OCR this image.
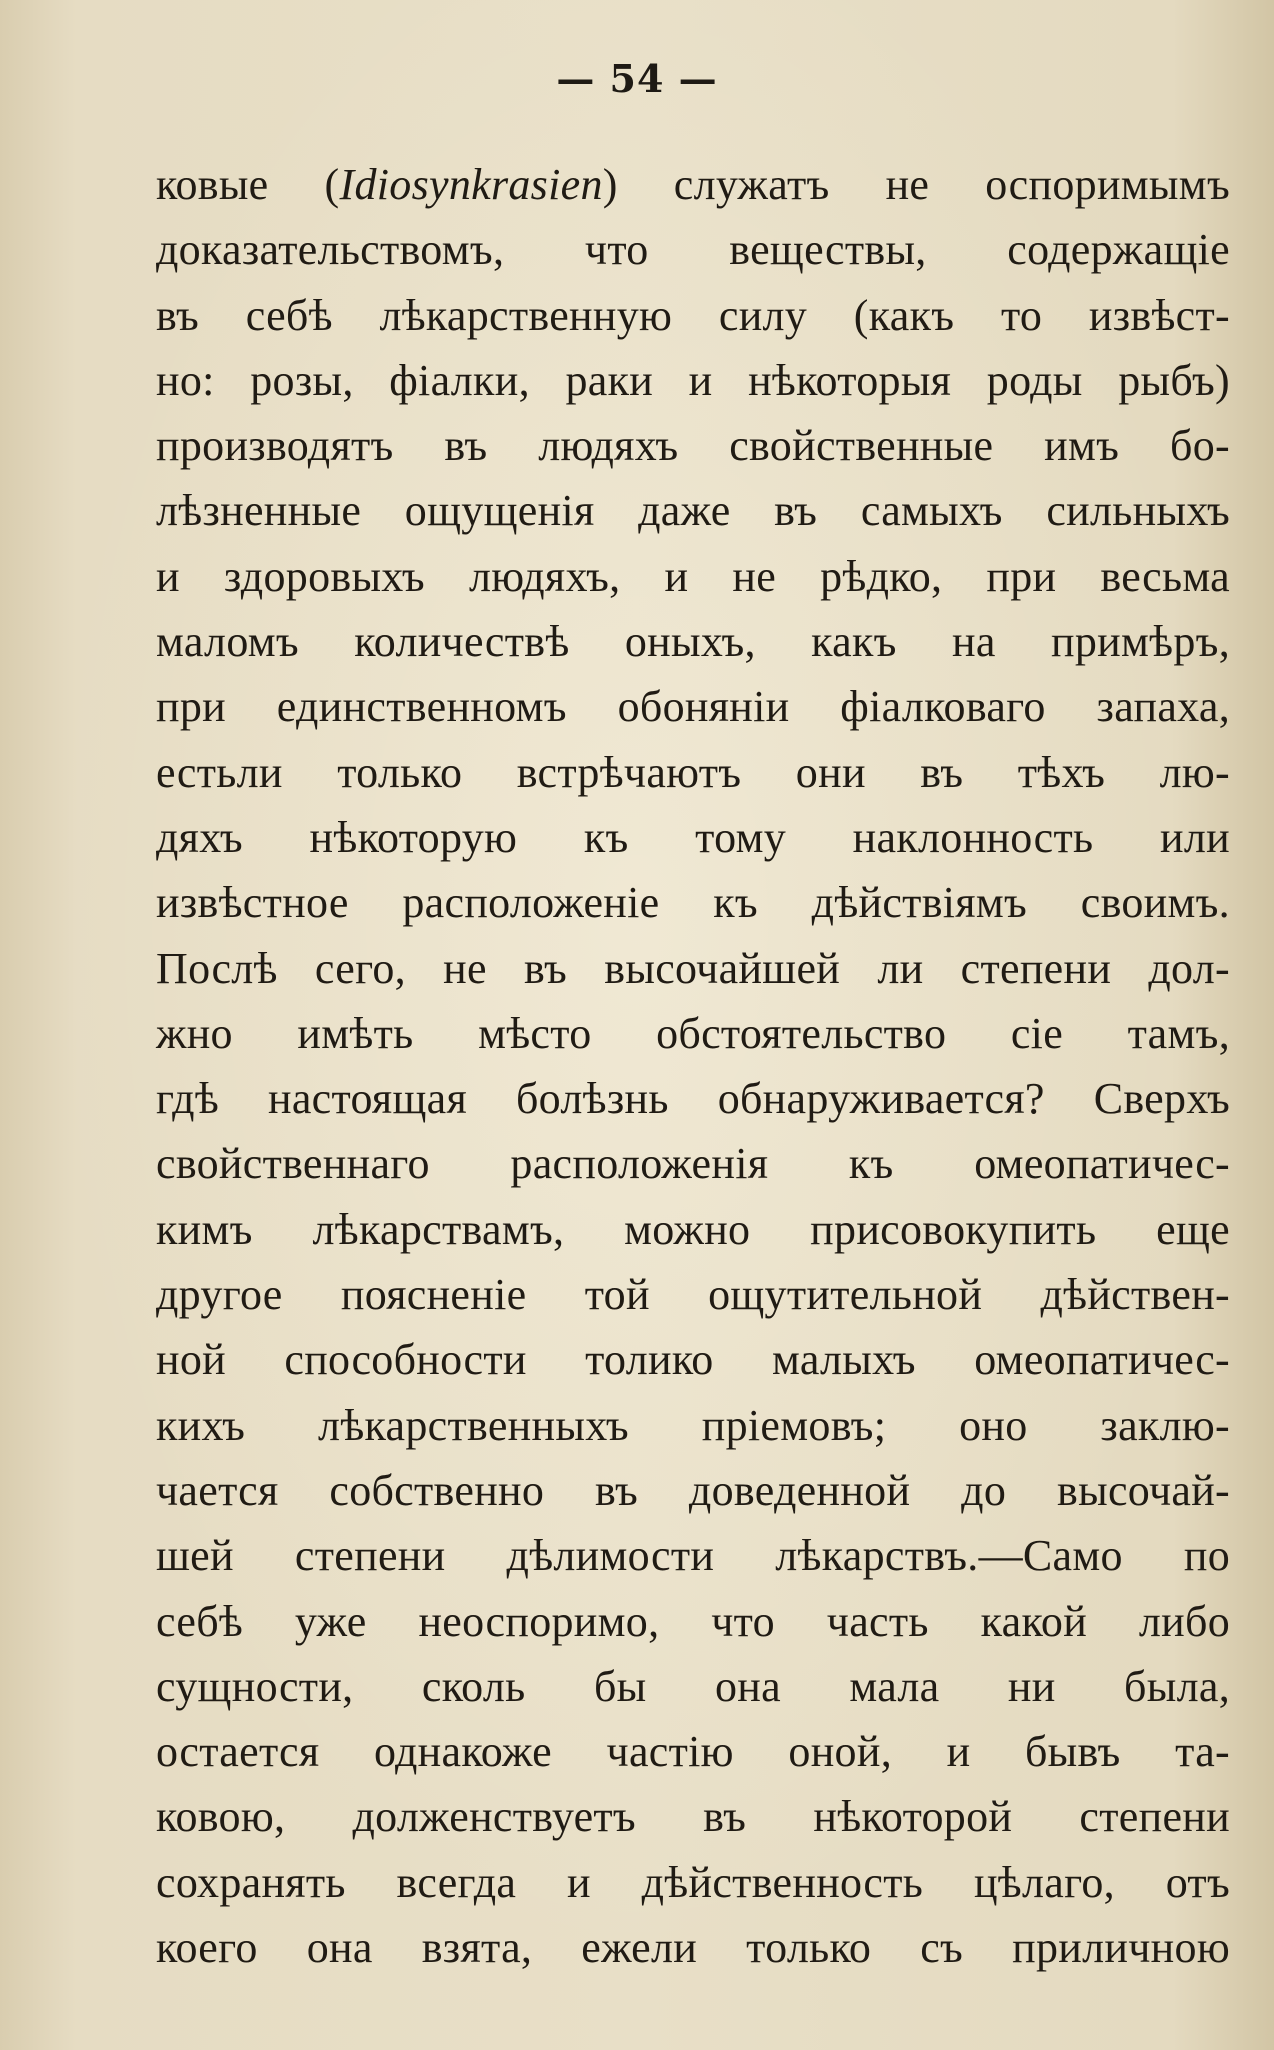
— 54 —
ковые (Idiosynkrasien) служатъ не оспоримымъ
доказательствомъ, что веществы, содержащіе
въ себѣ лѣкарственную силу (какъ то извѣст-
но: розы, фіалки, раки и нѣкоторыя роды рыбъ)
производятъ въ людяхъ свойственные имъ бо-
лѣзненные ощущенія даже въ самыхъ сильныхъ
и здоровыхъ людяхъ, и не рѣдко, при весьма
маломъ количествѣ оныхъ, какъ на примѣръ,
при единственномъ обоняніи фіалковаго запаха,
естьли только встрѣчаютъ они въ тѣхъ лю-
дяхъ нѣкоторую къ тому наклонность или
извѣстное расположеніе къ дѣйствіямъ своимъ.
Послѣ сего, не въ высочайшей ли степени дол-
жно имѣть мѣсто обстоятельство сіе тамъ,
гдѣ настоящая болѣзнь обнаруживается? Сверхъ
свойственнаго расположенія къ омеопатичес-
кимъ лѣкарствамъ, можно присовокупить еще
другое поясненіе той ощутительной дѣйствен-
ной способности толико малыхъ омеопатичес-
кихъ лѣкарственныхъ пріемовъ; оно заклю-
чается собственно въ доведенной до высочай-
шей степени дѣлимости лѣкарствъ.—Само по
себѣ уже неоспоримо, что часть какой либо
сущности, сколь бы она мала ни была,
остается однакоже частію оной, и бывъ та-
ковою, долженствуетъ въ нѣкоторой степени
сохранять всегда и дѣйственность цѣлаго, отъ
коего она взята, ежели только съ приличною
